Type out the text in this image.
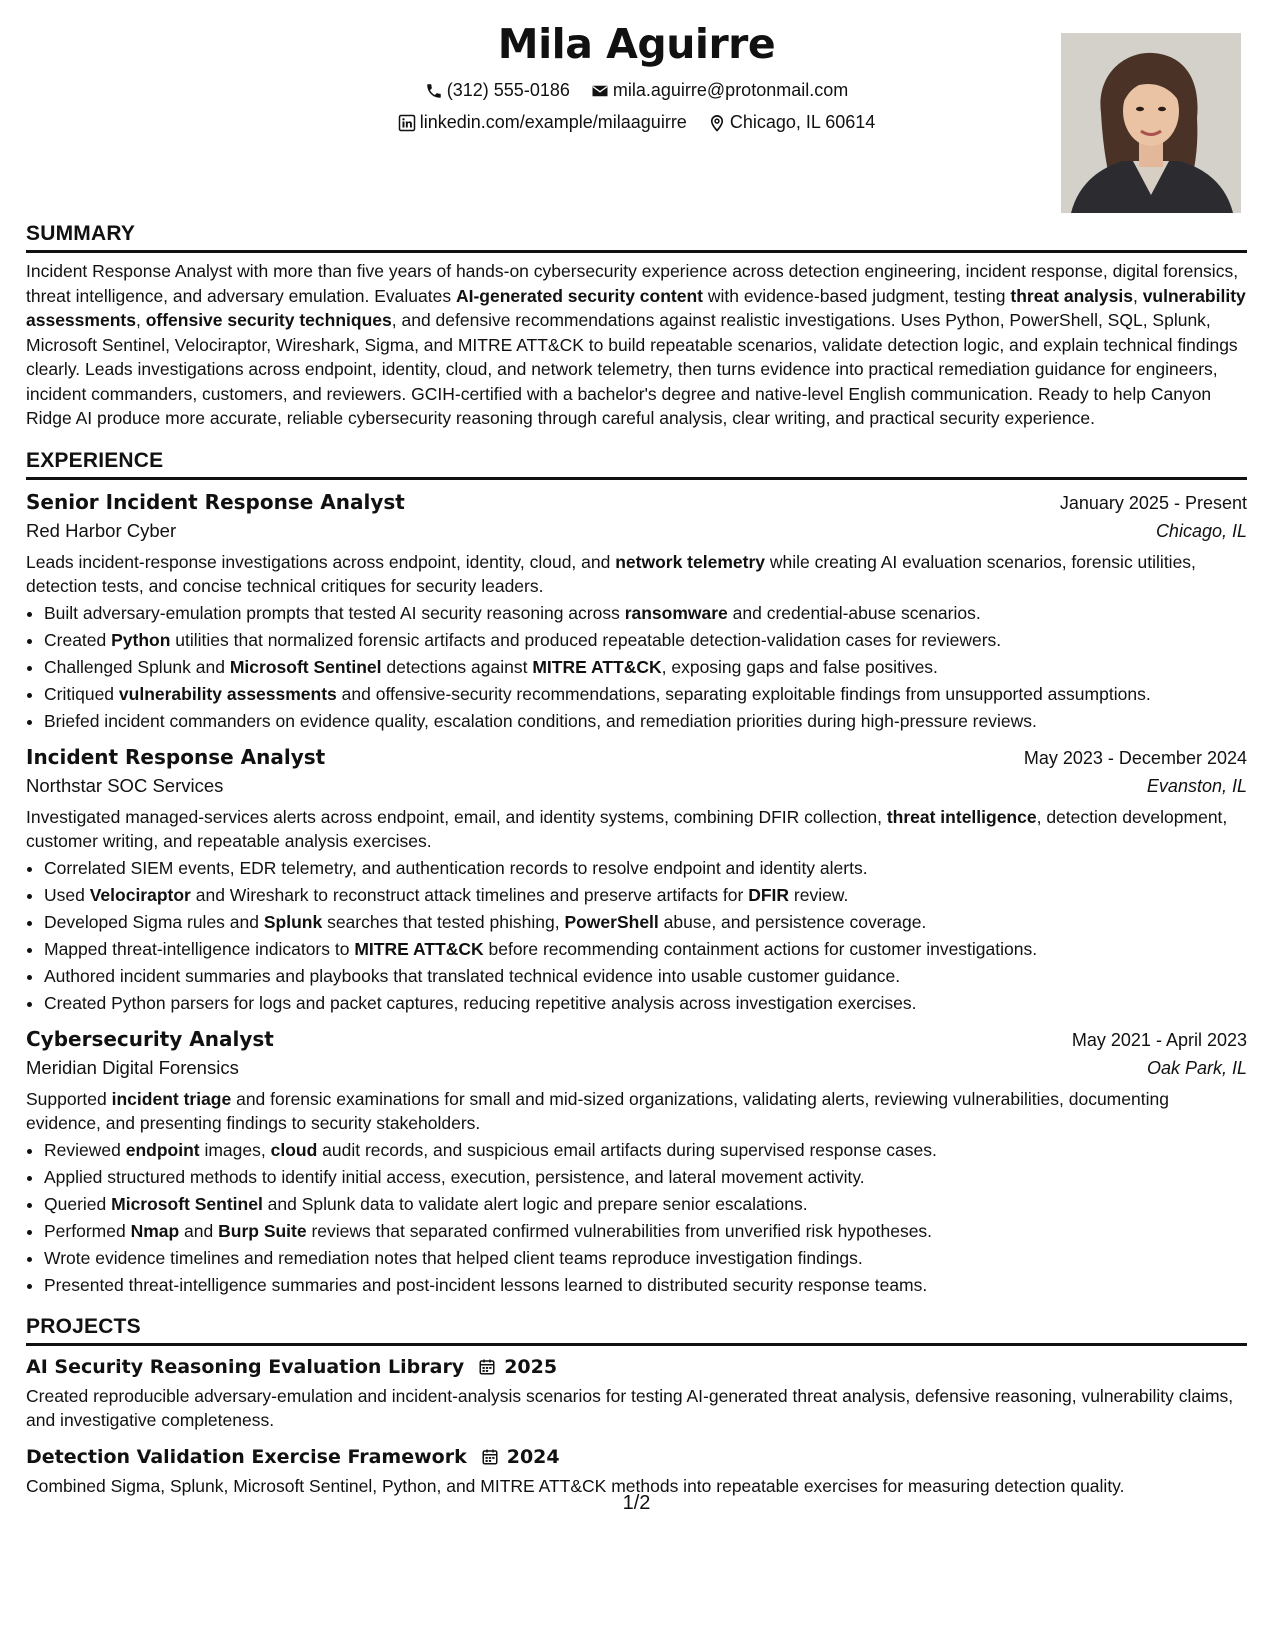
Mila Aguirre
(312) 555-0186
mila.aguirre@protonmail.com
linkedin.com/example/milaaguirre
Chicago, IL 60614
SUMMARY

Incident Response Analyst with more than five years of hands-on cybersecurity experience across detection engineering, incident response, digital forensics, threat intelligence, and adversary emulation. Evaluates AI-generated security content with evidence-based judgment, testing threat analysis, vulnerability assessments, offensive security techniques, and defensive recommendations against realistic investigations. Uses Python, PowerShell, SQL, Splunk, Microsoft Sentinel, Velociraptor, Wireshark, Sigma, and MITRE ATT&CK to build repeatable scenarios, validate detection logic, and explain technical findings clearly. Leads investigations across endpoint, identity, cloud, and network telemetry, then turns evidence into practical remediation guidance for engineers, incident commanders, customers, and reviewers. GCIH-certified with a bachelor's degree and native-level English communication. Ready to help Canyon Ridge AI produce more accurate, reliable cybersecurity reasoning through careful analysis, clear writing, and practical security experience.

EXPERIENCE
Senior Incident Response Analyst	January 2025 - Present
Red Harbor Cyber	Chicago, IL
Leads incident-response investigations across endpoint, identity, cloud, and network telemetry while creating AI evaluation scenarios, forensic utilities, detection tests, and concise technical critiques for security leaders.
• Built adversary-emulation prompts that tested AI security reasoning across ransomware and credential-abuse scenarios.
• Created Python utilities that normalized forensic artifacts and produced repeatable detection-validation cases for reviewers.
• Challenged Splunk and Microsoft Sentinel detections against MITRE ATT&CK, exposing gaps and false positives.
• Critiqued vulnerability assessments and offensive-security recommendations, separating exploitable findings from unsupported assumptions.
• Briefed incident commanders on evidence quality, escalation conditions, and remediation priorities during high-pressure reviews.
Incident Response Analyst	May 2023 - December 2024
Northstar SOC Services	Evanston, IL
Investigated managed-services alerts across endpoint, email, and identity systems, combining DFIR collection, threat intelligence, detection development, customer writing, and repeatable analysis exercises.
• Correlated SIEM events, EDR telemetry, and authentication records to resolve endpoint and identity alerts.
• Used Velociraptor and Wireshark to reconstruct attack timelines and preserve artifacts for DFIR review.
• Developed Sigma rules and Splunk searches that tested phishing, PowerShell abuse, and persistence coverage.
• Mapped threat-intelligence indicators to MITRE ATT&CK before recommending containment actions for customer investigations.
• Authored incident summaries and playbooks that translated technical evidence into usable customer guidance.
• Created Python parsers for logs and packet captures, reducing repetitive analysis across investigation exercises.
Cybersecurity Analyst	May 2021 - April 2023
Meridian Digital Forensics	Oak Park, IL
Supported incident triage and forensic examinations for small and mid-sized organizations, validating alerts, reviewing vulnerabilities, documenting evidence, and presenting findings to security stakeholders.
• Reviewed endpoint images, cloud audit records, and suspicious email artifacts during supervised response cases.
• Applied structured methods to identify initial access, execution, persistence, and lateral movement activity.
• Queried Microsoft Sentinel and Splunk data to validate alert logic and prepare senior escalations.
• Performed Nmap and Burp Suite reviews that separated confirmed vulnerabilities from unverified risk hypotheses.
• Wrote evidence timelines and remediation notes that helped client teams reproduce investigation findings.
• Presented threat-intelligence summaries and post-incident lessons learned to distributed security response teams.
PROJECTS
AI Security Reasoning Evaluation Library 2025
Created reproducible adversary-emulation and incident-analysis scenarios for testing AI-generated threat analysis, defensive reasoning, vulnerability claims, and investigative completeness.
Detection Validation Exercise Framework 2024
Combined Sigma, Splunk, Microsoft Sentinel, Python, and MITRE ATT&CK methods into repeatable exercises for measuring detection quality.
1/2
